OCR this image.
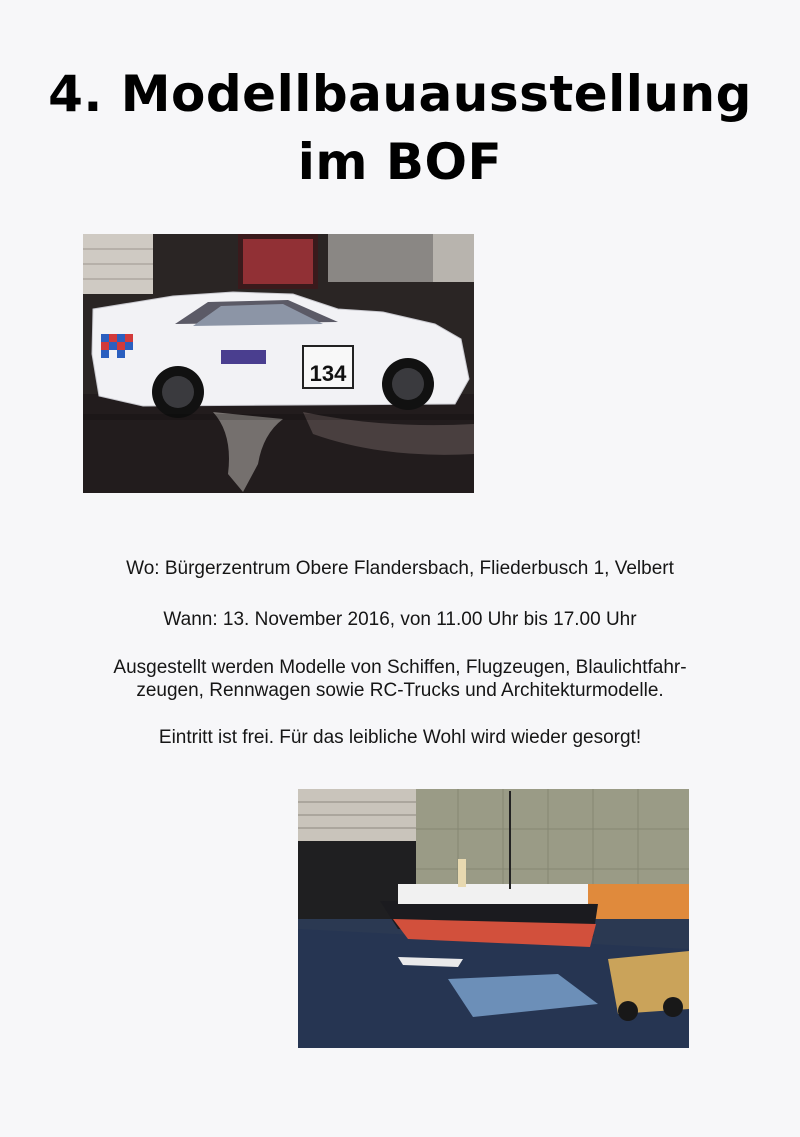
4. Modellbauausstellung
im BOF
134
Wo: Bürgerzentrum Obere Flandersbach, Fliederbusch 1, Velbert
Wann: 13. November 2016, von 11.00 Uhr bis 17.00 Uhr
Ausgestellt werden Modelle von Schiffen, Flugzeugen, Blaulichtfahr-
zeugen, Rennwagen sowie RC-Trucks und Architekturmodelle.
Eintritt ist frei. Für das leibliche Wohl wird wieder gesorgt!
